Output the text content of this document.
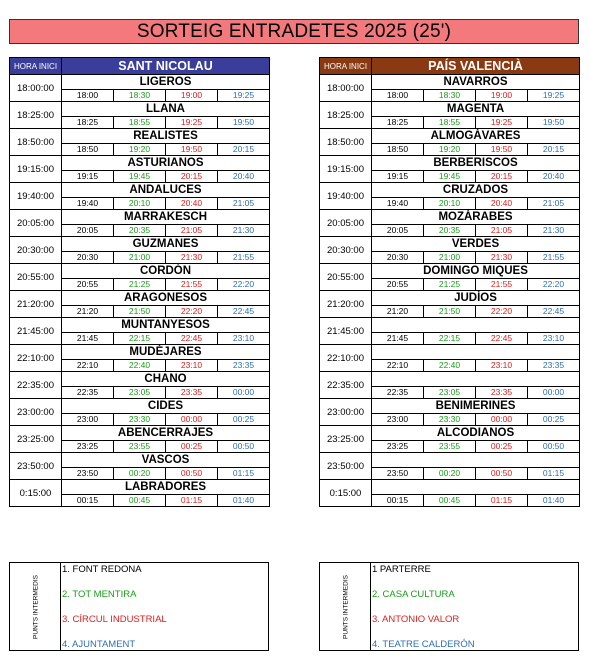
SORTEIG ENTRADETES 2025 (25')
HORA INICI	SANT NICOLAU			
18:00:00	LIGEROS			
	18:00	18:30	19:00	19:25
18:25:00	LLANA			
	18:25	18:55	19:25	19:50
18:50:00	REALISTES			
	18:50	19:20	19:50	20:15
19:15:00	ASTURIANOS			
	19:15	19:45	20:15	20:40
19:40:00	ANDALUCES			
	19:40	20:10	20:40	21:05
20:05:00	MARRAKESCH			
	20:05	20:35	21:05	21:30
20:30:00	GUZMANES			
	20:30	21:00	21:30	21:55
20:55:00	CORDÓN			
	20:55	21:25	21:55	22:20
21:20:00	ARAGONESOS			
	21:20	21:50	22:20	22:45
21:45:00	MUNTANYESOS			
	21:45	22:15	22:45	23:10
22:10:00	MUDÉJARES			
	22:10	22:40	23:10	23:35
22:35:00	CHANO			
	22:35	23:05	23:35	00:00
23:00:00	CIDES			
	23:00	23:30	00:00	00:25
23:25:00	ABENCERRAJES			
	23:25	23:55	00:25	00:50
23:50:00	VASCOS			
	23:50	00:20	00:50	01:15
0:15:00	LABRADORES			
	00:15	00:45	01:15	01:40
HORA INICI	PAÍS VALENCIÀ			
18:00:00	NAVARROS			
	18:00	18:30	19:00	19:25
18:25:00	MAGENTA			
	18:25	18:55	19:25	19:50
18:50:00	ALMOGÀVARES			
	18:50	19:20	19:50	20:15
19:15:00	BERBERISCOS			
	19:15	19:45	20:15	20:40
19:40:00	CRUZADOS			
	19:40	20:10	20:40	21:05
20:05:00	MOZÁRABES			
	20:05	20:35	21:05	21:30
20:30:00	VERDES			
	20:30	21:00	21:30	21:55
20:55:00	DOMINGO MIQUES			
	20:55	21:25	21:55	22:20
21:20:00	JUDÍOS			
	21:20	21:50	22:20	22:45
21:45:00				
	21:45	22:15	22:45	23:10
22:10:00				
	22:10	22:40	23:10	23:35
22:35:00				
	22:35	23:05	23:35	00:00
23:00:00	BENIMERINES			
	23:00	23:30	00:00	00:25
23:25:00	ALCODIANOS			
	23:25	23:55	00:25	00:50
23:50:00				
	23:50	00:20	00:50	01:15
0:15:00				
	00:15	00:45	01:15	01:40
PUNTS INTERMEDIS
1. FONT REDONA
2. TOT MENTIRA
3. CÍRCUL INDUSTRIAL
4. AJUNTAMENT
PUNTS INTERMEDIS
1 PARTERRE
2. CASA CULTURA
3. ANTONIO VALOR
4. TEATRE CALDERÓN
